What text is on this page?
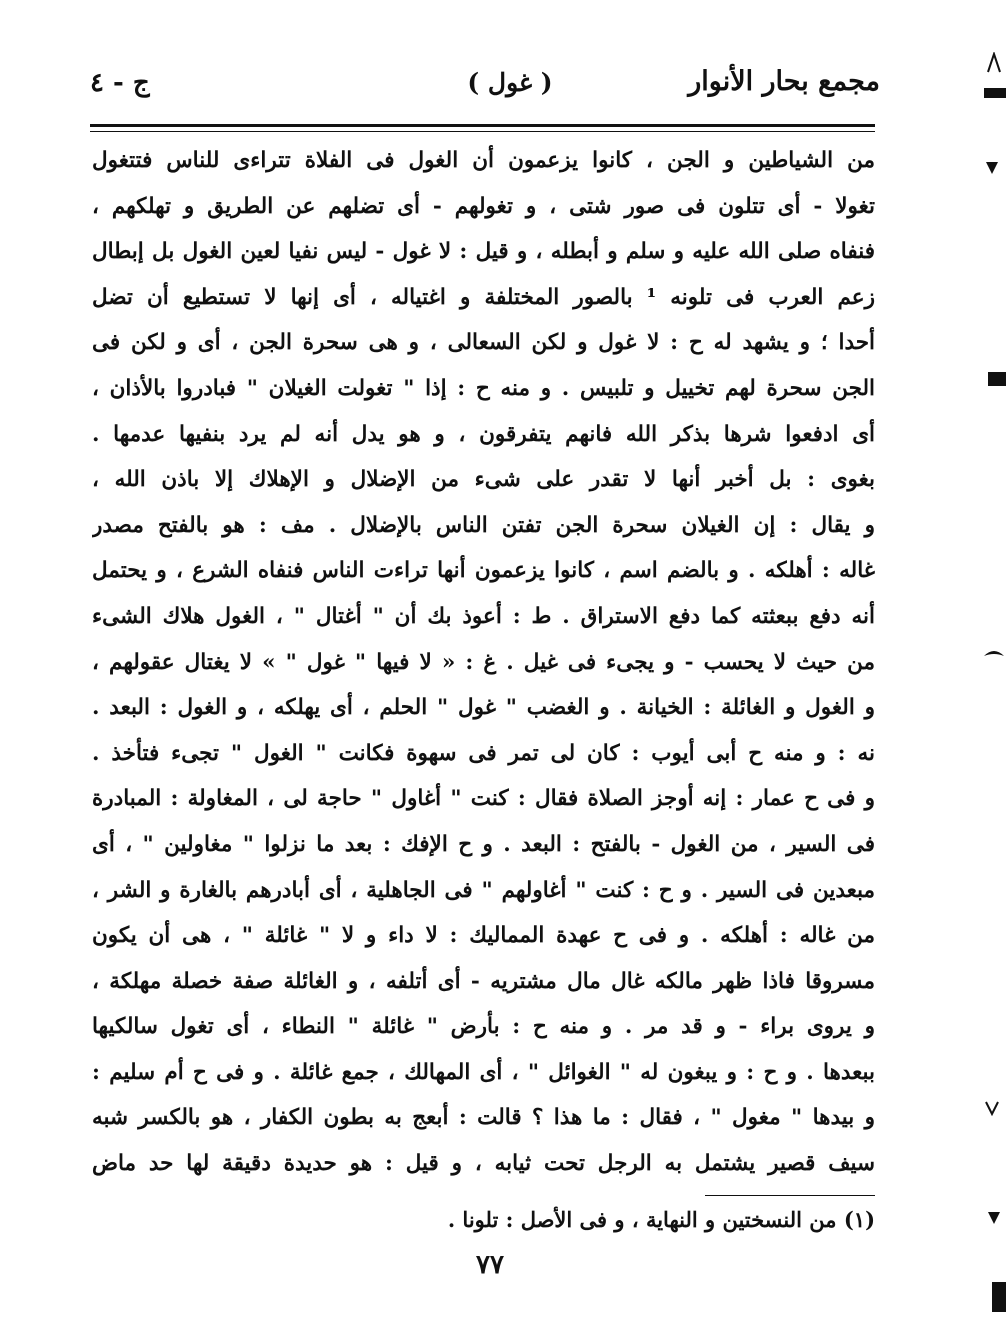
مجمع بحار الأنوار
( غول )
ج - ٤
من الشياطين و الجن ، كانوا يزعمون أن الغول فى الفلاة تتراءى للناس فتتغول
تغولا - أى تتلون فى صور شتى ، و تغولهم - أى تضلهم عن الطريق و تهلكهم ،
فنفاه صلى الله عليه و سلم و أبطله ، و قيل : لا غول - ليس نفيا لعين الغول بل إبطال
زعم العرب فى تلونه ¹ بالصور المختلفة و اغتياله ، أى إنها لا تستطيع أن تضل
أحدا ؛ و يشهد له ح : لا غول و لكن السعالى ، و هى سحرة الجن ، أى و لكن فى
الجن سحرة لهم تخييل و تلبيس . و منه ح : إذا " تغولت الغيلان " فبادروا بالأذان ،
أى ادفعوا شرها بذكر الله فانهم يتفرقون ، و هو يدل أنه لم يرد بنفيها عدمها .
بغوى : بل أخبر أنها لا تقدر على شىء من الإضلال و الإهلاك إلا باذن الله ،
و يقال : إن الغيلان سحرة الجن تفتن الناس بالإضلال . مف : هو بالفتح مصدر
غاله : أهلكه . و بالضم اسم ، كانوا يزعمون أنها تراءت الناس فنفاه الشرع ، و يحتمل
أنه دفع ببعثته كما دفع الاستراق . ط : أعوذ بك أن " أغتال " ، الغول هلاك الشىء
من حيث لا يحسب - و يجىء فى غيل . غ : « لا فيها " غول " » لا يغتال عقولهم ،
و الغول و الغائلة : الخيانة . و الغضب " غول " الحلم ، أى يهلكه ، و الغول : البعد .
نه : و منه ح أبى أيوب : كان لى تمر فى سهوة فكانت " الغول " تجىء فتأخذ .
و فى ح عمار : إنه أوجز الصلاة فقال : كنت " أغاول " حاجة لى ، المغاولة : المبادرة
فى السير ، من الغول - بالفتح : البعد . و ح الإفك : بعد ما نزلوا " مغاولين " ، أى
مبعدين فى السير . و ح : كنت " أغاولهم " فى الجاهلية ، أى أبادرهم بالغارة و الشر ،
من غاله : أهلكه . و فى ح عهدة المماليك : لا داء و لا " غائلة " ، هى أن يكون
مسروقا فاذا ظهر مالكه غال مال مشتريه - أى أتلفه ، و الغائلة صفة خصلة مهلكة ،
و يروى براء - و قد مر . و منه ح : بأرض " غائلة " النطاء ، أى تغول سالكيها
ببعدها . و ح : و يبغون له " الغوائل " ، أى المهالك ، جمع غائلة . و فى ح أم سليم :
و بيدها " مغول " ، فقال : ما هذا ؟ قالت : أبعج به بطون الكفار ، هو بالكسر شبه
سيف قصير يشتمل به الرجل تحت ثيابه ، و قيل : هو حديدة دقيقة لها حد ماض
(١) من النسختين و النهاية ، و فى الأصل : تلونا .
٧٧
